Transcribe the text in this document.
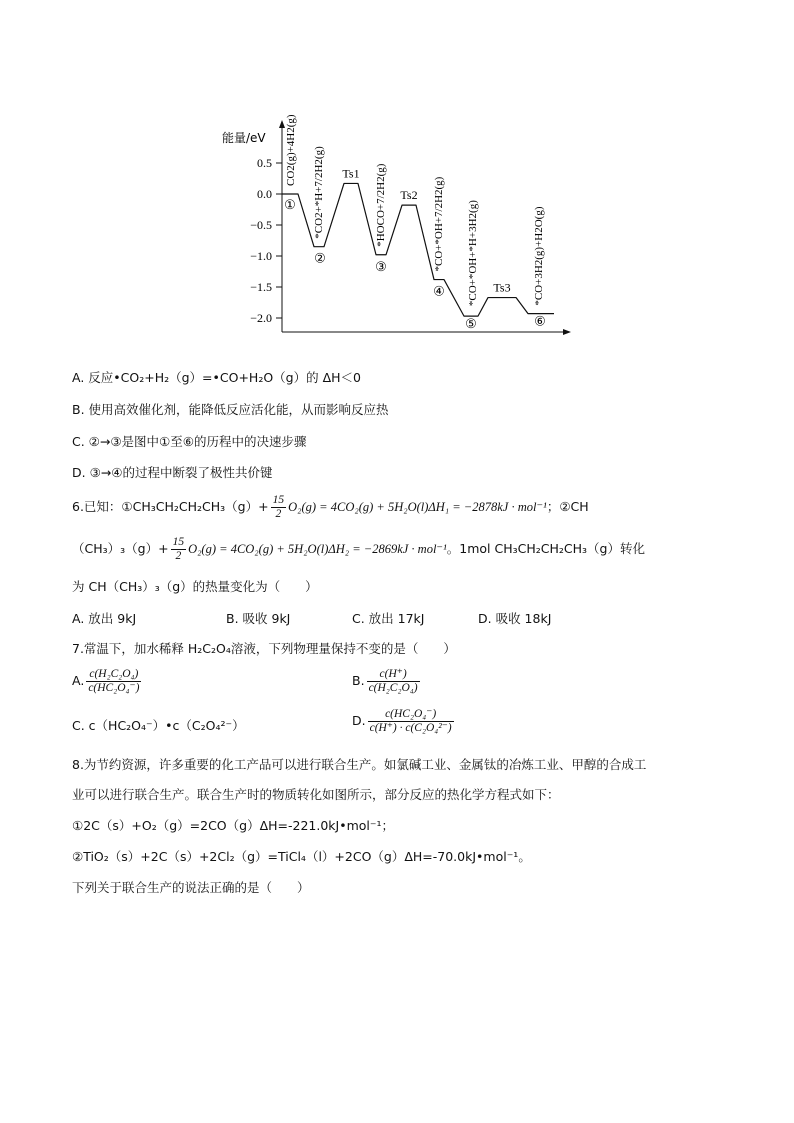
能量/eV
0.5
0.0
−0.5
−1.0
−1.5
−2.0
Ts1
Ts2
Ts3
①
CO2(g)+4H2(g)
②
*CO2+*H+7/2H2(g)
③
*HOCO+7/2H2(g)
④
*CO+*OH+7/2H2(g)
⑤
*CO+*OH+*H+3H2(g)
⑥
*CO+3H2(g)+H2O(g)
A. 反应•CO₂+H₂（g）=•CO+H₂O（g）的 ΔH＜0
B. 使用高效催化剂，能降低反应活化能，从而影响反应热
C. ②→③是图中①至⑥的历程中的决速步骤
D. ③→④的过程中断裂了极性共价键
6.已知：①CH₃CH₂CH₂CH₃（g）+ $\frac{15}{2} O_2(g) = 4CO_2(g) + 5H_2O(l)\Delta H_1 = -2878kJ \cdot mol^{-1}$；②CH
$(CH_3)_3(g)+ \frac{15}{2} O_2(g) = 4CO_2(g) + 5H_2O(l)\Delta H_2 = -2869kJ \cdot mol^{-1}$。1mol CH₃CH₂CH₂CH₃（g）转化
为 CH（CH₃）₃（g）的热量变化为（　　）
A. 放出 9kJ	B. 吸收 9kJ	C. 放出 17kJ	D. 吸收 18kJ
7.常温下，加水稀释 H₂C₂O₄溶液，下列物理量保持不变的是（　　）
A. $\frac{\text{c(H₂C₂O₄)}}{\text{c(HC₂O₄⁻)}}$	B. $\frac{c(H^+)}{\text{c(H₂C₂O₄)}}$
C. c（HC₂O₄⁻）•c（C₂O₄²⁻）	D. $\frac{\text{c(HC₂O₄⁻)}}{\text{c(H⁺) · c(C₂O₄²⁻)}}$
8.为节约资源，许多重要的化工产品可以进行联合生产。如氯碱工业、金属钛的冶炼工业、甲醇的合成工
业可以进行联合生产。联合生产时的物质转化如图所示，部分反应的热化学方程式如下：
①2C（s）+O₂（g）=2CO（g）ΔH=-221.0kJ•mol⁻¹；
②TiO₂（s）+2C（s）+2Cl₂（g）=TiCl₄（l）+2CO（g）ΔH=-70.0kJ•mol⁻¹。
下列关于联合生产的说法正确的是（　　）
